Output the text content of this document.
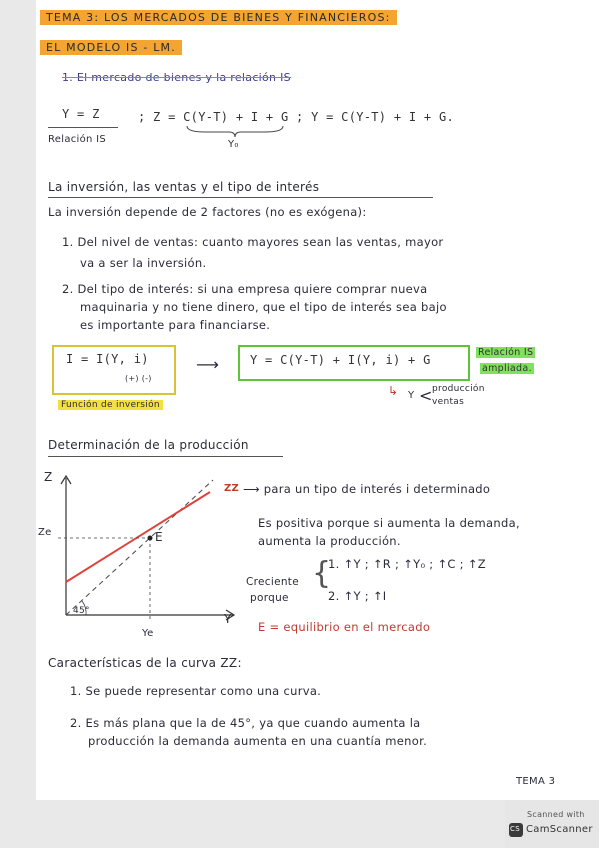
TEMA 3: LOS MERCADOS DE BIENES Y FINANCIEROS:
EL MODELO IS - LM.
1. El mercado de bienes y la relación IS
Y = Z
Relación IS
; Z = C(Y-T) + I + G ; Y = C(Y-T) + I + G.
Y₀
La inversión, las ventas y el tipo de interés
La inversión depende de 2 factores (no es exógena):
1. Del nivel de ventas: cuanto mayores sean las ventas, mayor
va a ser la inversión.
2. Del tipo de interés: si una empresa quiere comprar nueva
maquinaria y no tiene dinero, que el tipo de interés sea bajo
es importante para financiarse.
I = I(Y, i)
(+) (-)
Función de inversión
⟶	Y = C(Y-T) + I(Y, i) + G
Relación IS
ampliada.
↳ Y < producción
ventas
Determinación de la producción
Z
Ze	E
45°
Ye
Y
ZZ ⟶ para un tipo de interés i determinado
Es positiva porque si aumenta la demanda,
aumenta la producción.
Creciente
porque
{
1. ↑Y ; ↑R ; ↑Y₀ ; ↑C ; ↑Z
2. ↑Y ; ↑I
E = equilibrio en el mercado
Características de la curva ZZ:
1. Se puede representar como una curva.
2. Es más plana que la de 45°, ya que cuando aumenta la
producción la demanda aumenta en una cuantía menor.
TEMA 3
Scanned with
CS CamScanner
